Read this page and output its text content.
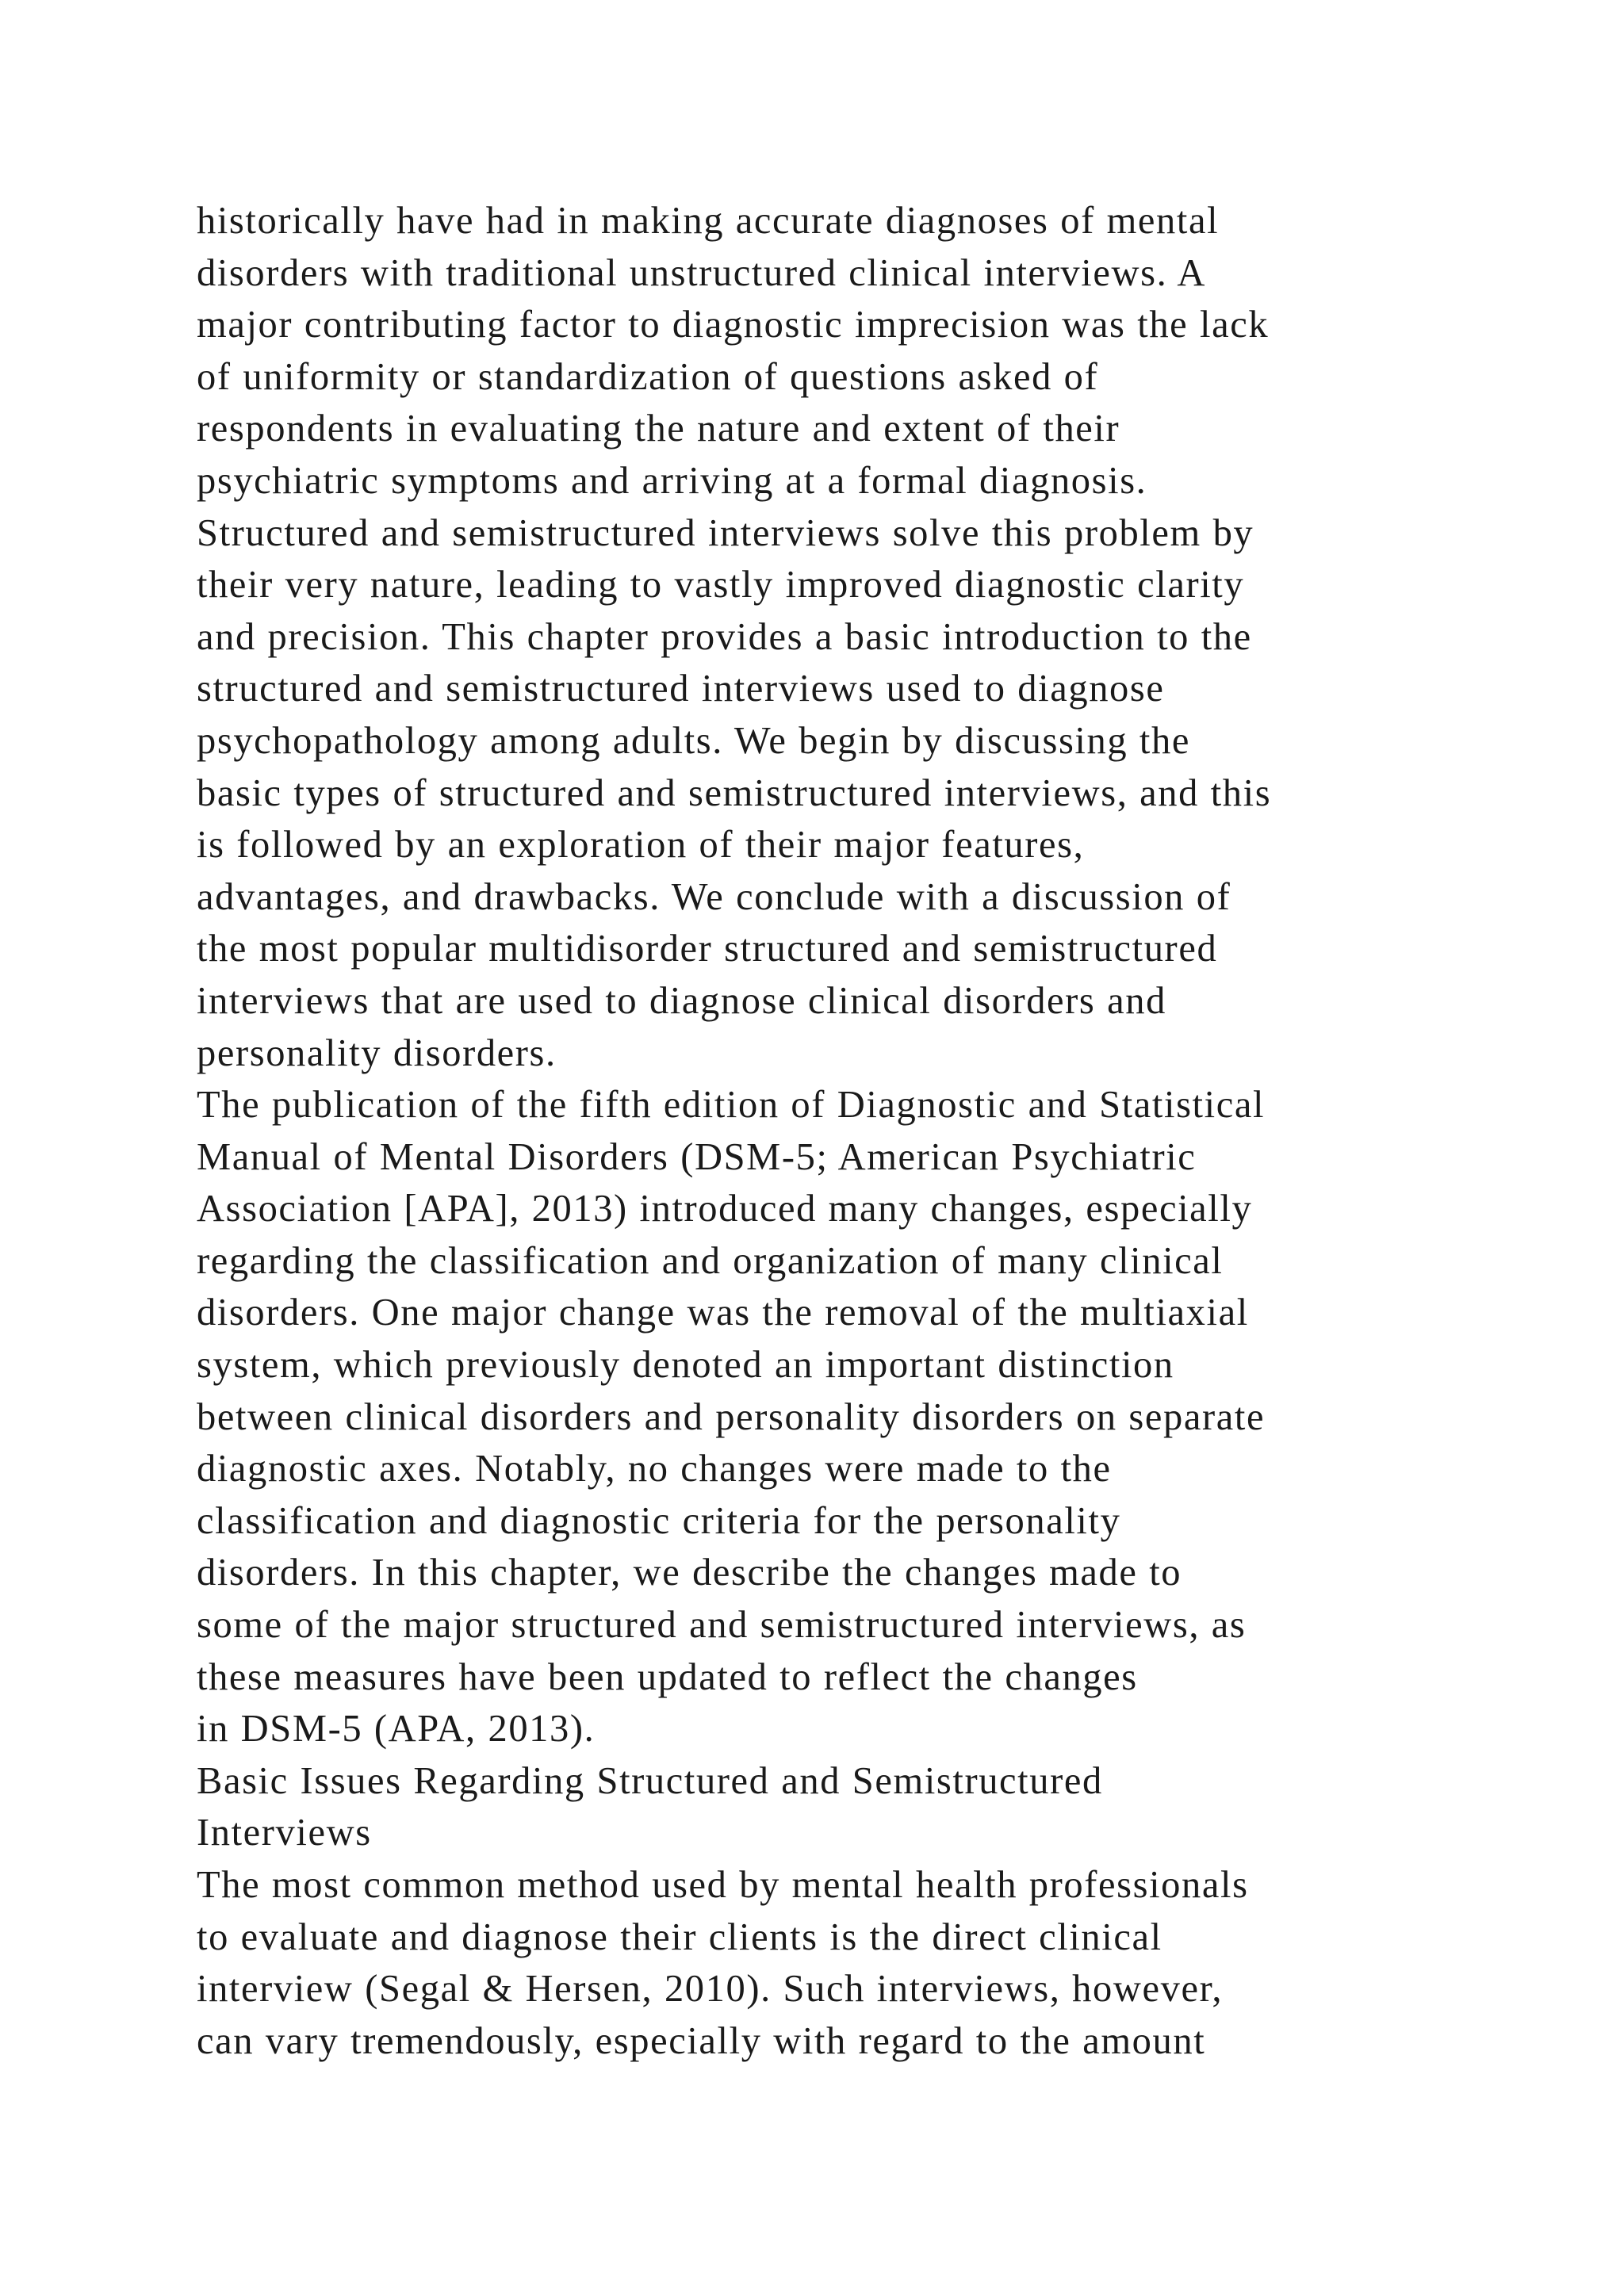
historically have had in making accurate diagnoses of mental
disorders with traditional unstructured clinical interviews. A
major contributing factor to diagnostic imprecision was the lack
of uniformity or standardization of questions asked of
respondents in evaluating the nature and extent of their
psychiatric symptoms and arriving at a formal diagnosis.
Structured and semistructured interviews solve this problem by
their very nature, leading to vastly improved diagnostic clarity
and precision. This chapter provides a basic introduction to the
structured and semistructured interviews used to diagnose
psychopathology among adults. We begin by discussing the
basic types of structured and semistructured interviews, and this
is followed by an exploration of their major features,
advantages, and drawbacks. We conclude with a discussion of
the most popular multidisorder structured and semistructured
interviews that are used to diagnose clinical disorders and
personality disorders.
The publication of the fifth edition of Diagnostic and Statistical
Manual of Mental Disorders (DSM-5; American Psychiatric
Association [APA], 2013) introduced many changes, especially
regarding the classification and organization of many clinical
disorders. One major change was the removal of the multiaxial
system, which previously denoted an important distinction
between clinical disorders and personality disorders on separate
diagnostic axes. Notably, no changes were made to the
classification and diagnostic criteria for the personality
disorders. In this chapter, we describe the changes made to
some of the major structured and semistructured interviews, as
these measures have been updated to reflect the changes
in DSM-5 (APA, 2013).
Basic Issues Regarding Structured and Semistructured
Interviews
The most common method used by mental health professionals
to evaluate and diagnose their clients is the direct clinical
interview (Segal & Hersen, 2010). Such interviews, however,
can vary tremendously, especially with regard to the amount
